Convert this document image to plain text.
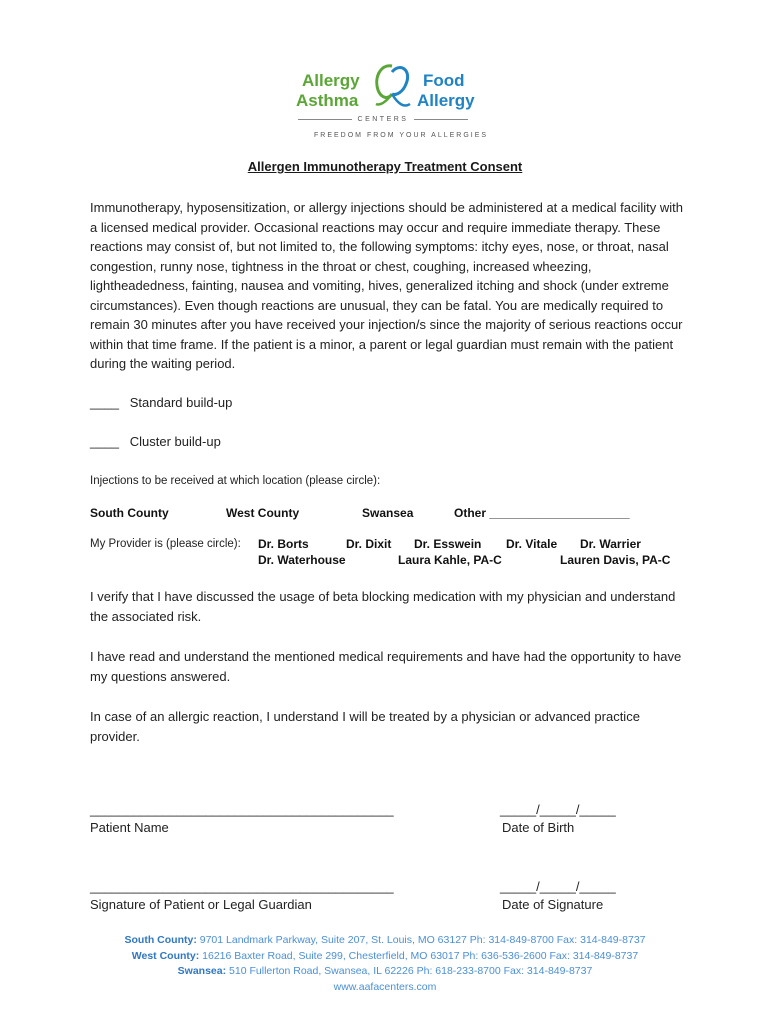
Allergy
Asthma
Food
Allergy
CENTERS
FREEDOM FROM YOUR ALLERGIES
Allergen Immunotherapy Treatment Consent
Immunotherapy, hyposensitization, or allergy injections should be administered at a medical facility with a licensed medical provider. Occasional reactions may occur and require immediate therapy. These reactions may consist of, but not limited to, the following symptoms: itchy eyes, nose, or throat, nasal congestion, runny nose, tightness in the throat or chest, coughing, increased wheezing, lightheadedness, fainting, nausea and vomiting, hives, generalized itching and shock (under extreme circumstances). Even though reactions are unusual, they can be fatal. You are medically required to remain 30 minutes after you have received your injection/s since the majority of serious reactions occur within that time frame. If the patient is a minor, a parent or legal guardian must remain with the patient during the waiting period.
____ Standard build-up
____ Cluster build-up
Injections to be received at which location (please circle):
South County	West County	Swansea	Other _____________________
My Provider is (please circle): Dr. Borts	Dr. Dixit Dr. Esswein Dr. Vitale Dr. Warrier
Dr. Waterhouse	Laura Kahle, PA-C	Lauren Davis, PA-C
I verify that I have discussed the usage of beta blocking medication with my physician and understand the associated risk.
I have read and understand the mentioned medical requirements and have had the opportunity to have my questions answered.
In case of an allergic reaction, I understand I will be treated by a physician or advanced practice provider.
__________________________________________	_____/_____/_____
Patient Name	Date of Birth
__________________________________________	_____/_____/_____
Signature of Patient or Legal Guardian	Date of Signature
South County: 9701 Landmark Parkway, Suite 207, St. Louis, MO 63127 Ph: 314-849-8700 Fax: 314-849-8737
West County: 16216 Baxter Road, Suite 299, Chesterfield, MO 63017 Ph: 636-536-2600 Fax: 314-849-8737
Swansea: 510 Fullerton Road, Swansea, IL 62226 Ph: 618-233-8700 Fax: 314-849-8737
www.aafacenters.com
